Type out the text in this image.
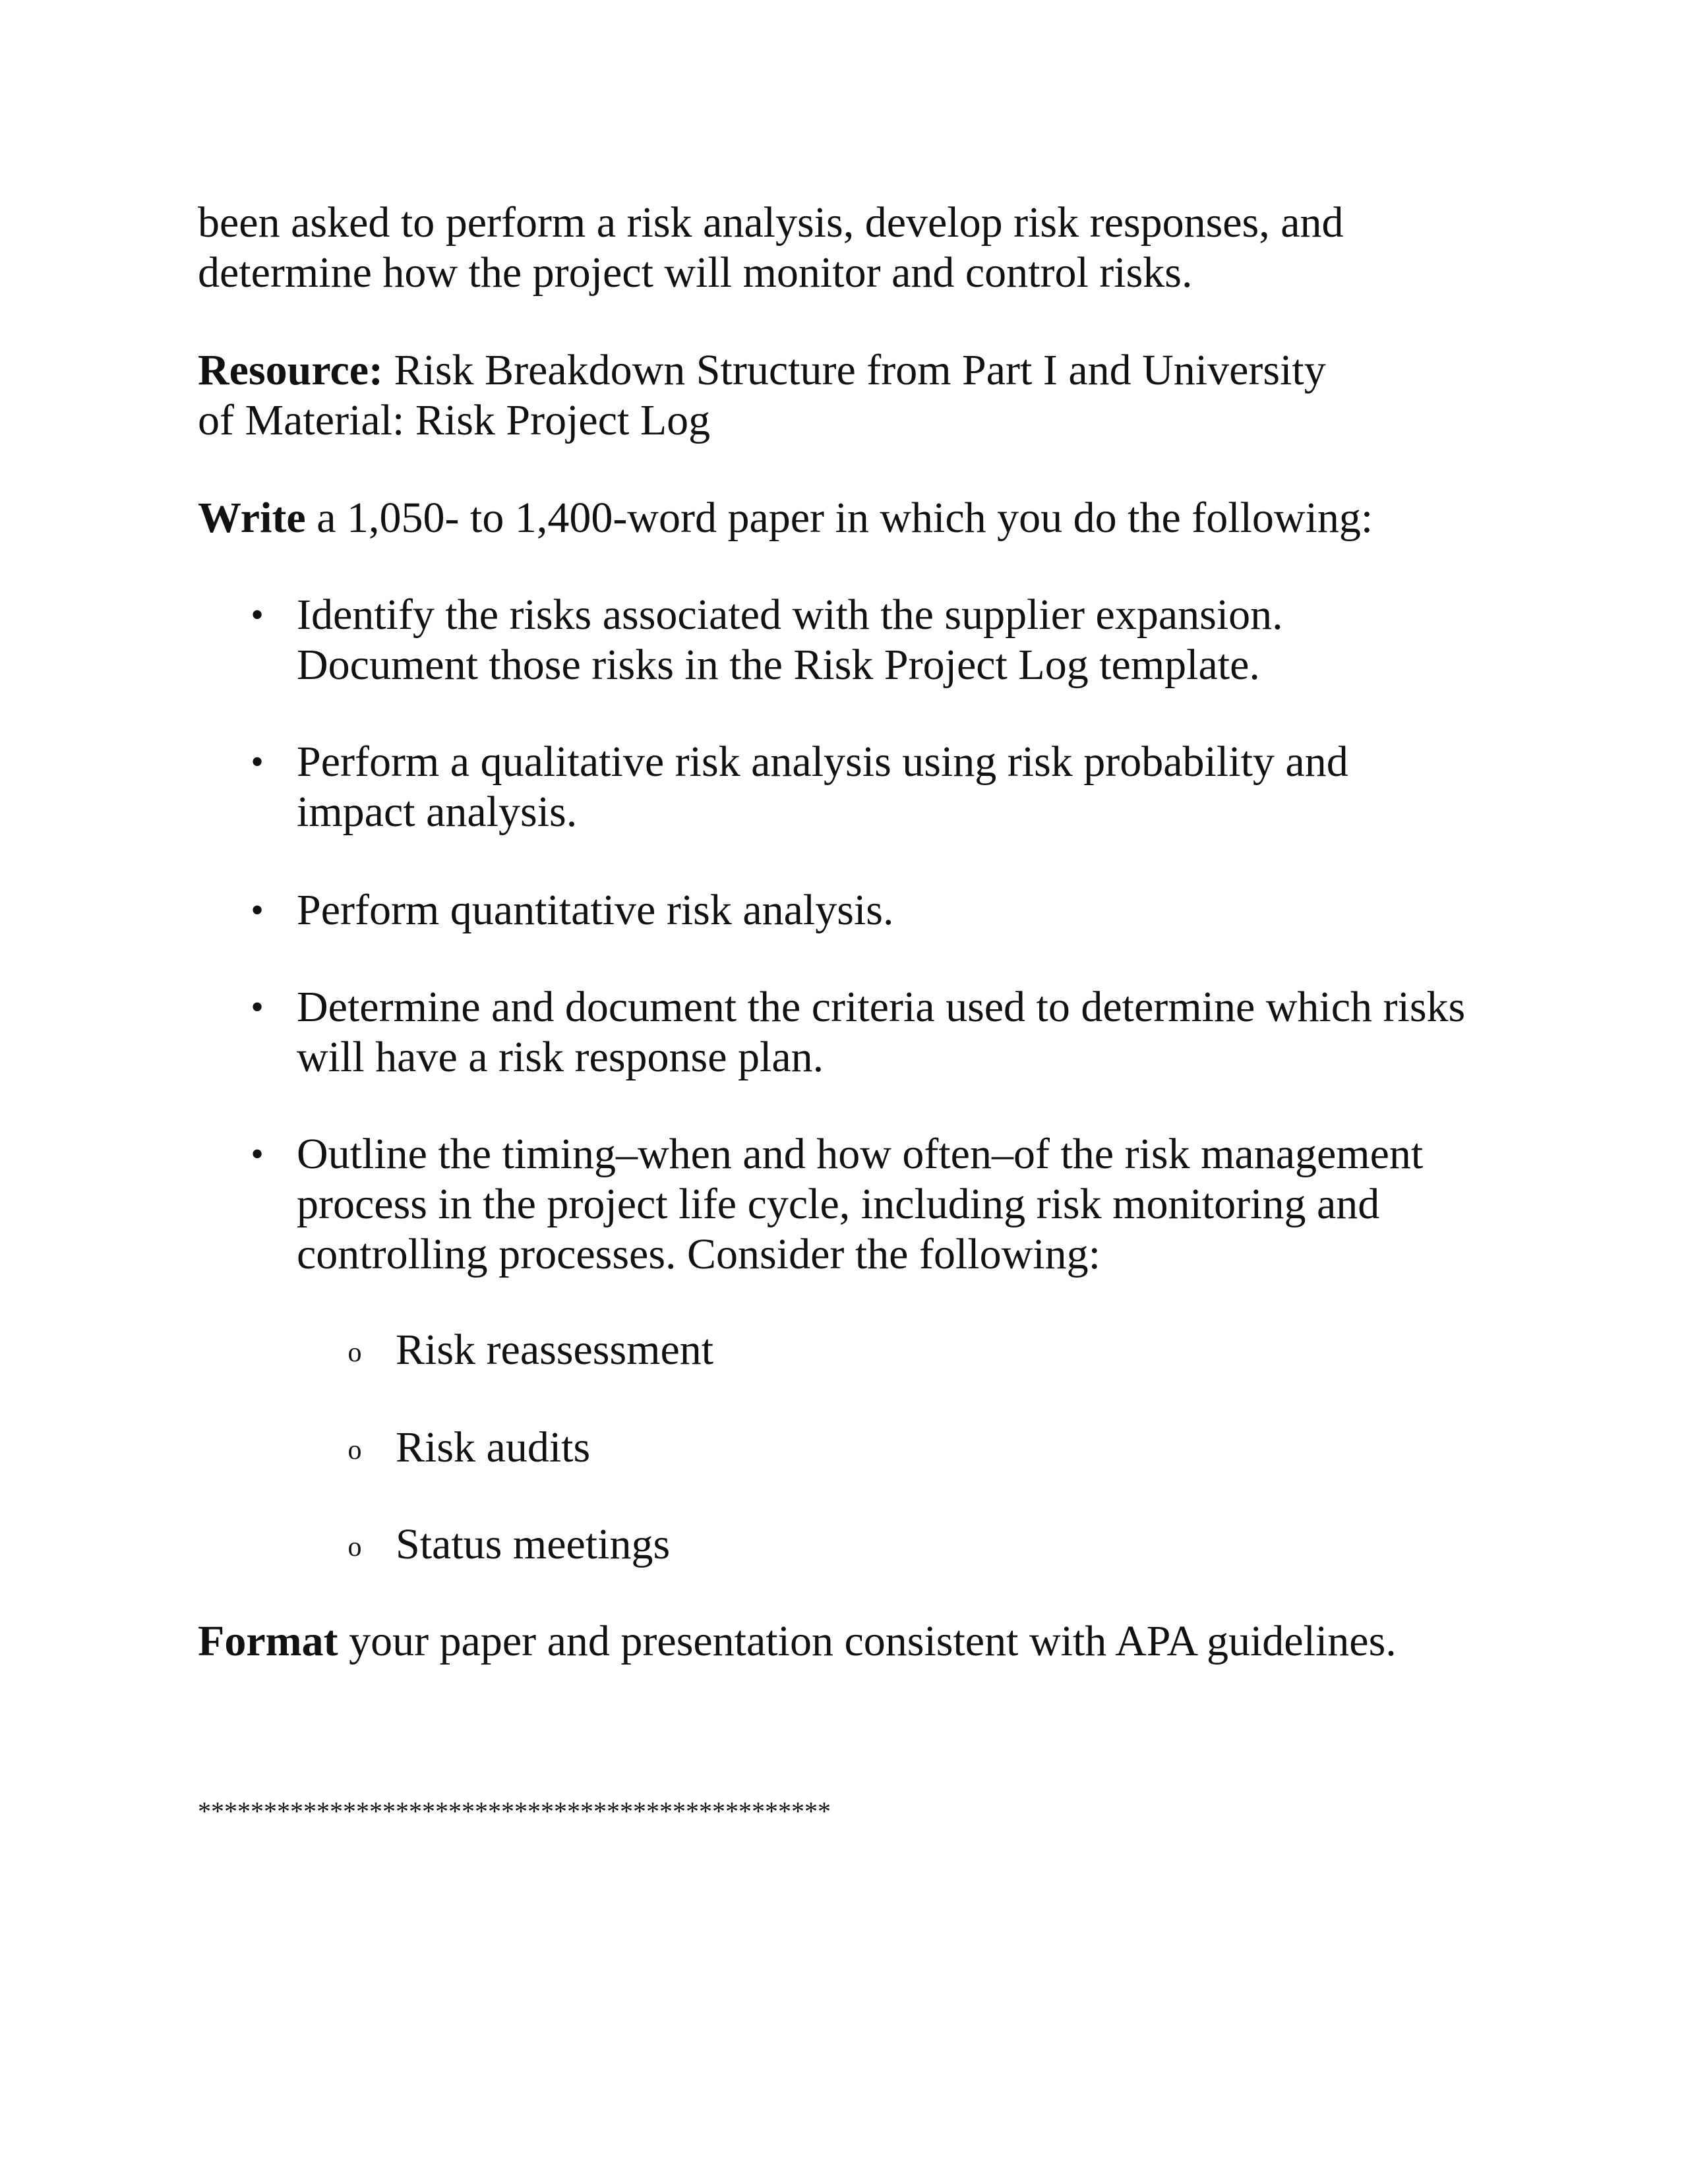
been asked to perform a risk analysis, develop risk responses, and
determine how the project will monitor and control risks.

Resource: Risk Breakdown Structure from Part I and University
of Material: Risk Project Log

Write a 1,050- to 1,400-word paper in which you do the following:

• Identify the risks associated with the supplier expansion.
Document those risks in the Risk Project Log template.
• Perform a qualitative risk analysis using risk probability and
impact analysis.
• Perform quantitative risk analysis.
• Determine and document the criteria used to determine which risks
will have a risk response plan.
• Outline the timing–when and how often–of the risk management
process in the project life cycle, including risk monitoring and
controlling processes. Consider the following:
o Risk reassessment
o Risk audits
o Status meetings

Format your paper and presentation consistent with APA guidelines.

************************************************
